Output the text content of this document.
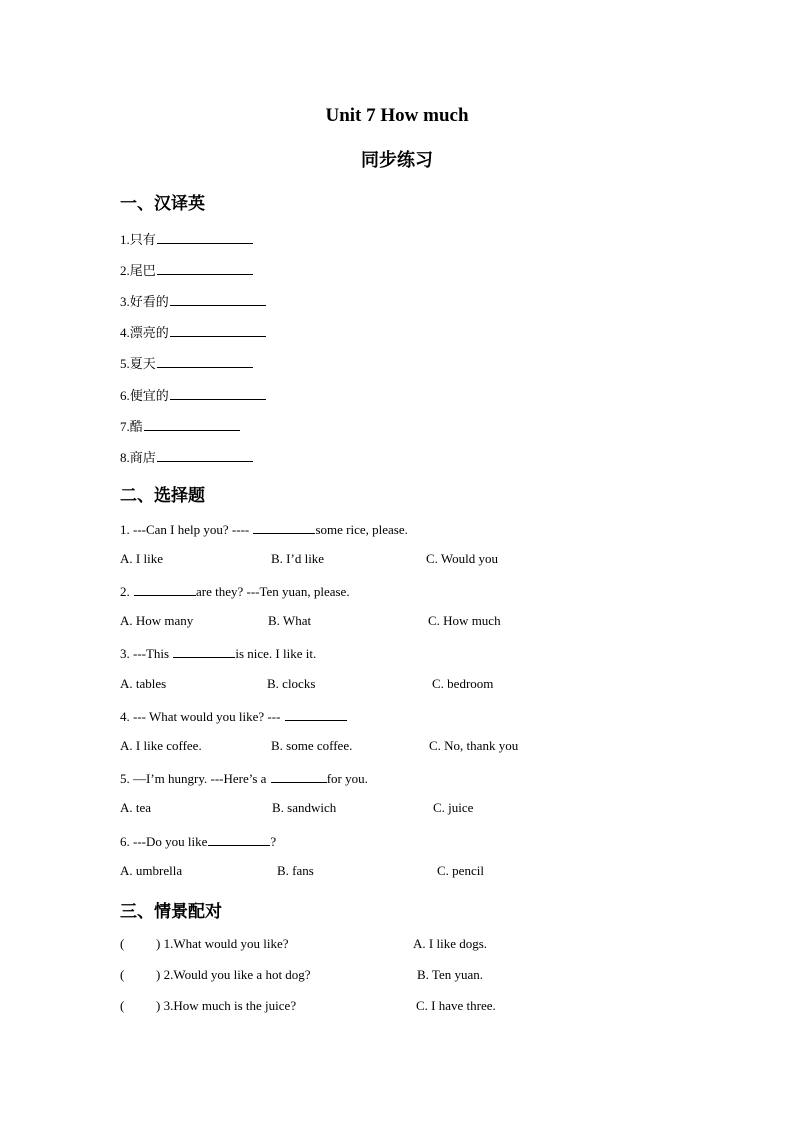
Unit 7 How much
同步练习
一、汉译英
1.只有
2.尾巴
3.好看的
4.漂亮的
5.夏天
6.便宜的
7.酷
8.商店
二、选择题
1. ---Can I help you? ----	some rice, please.
A. I like	B. I’d like	C. Would you
2.	are they? ---Ten yuan, please.
A. How many	B. What	C. How much
3. ---This	is nice. I like it.
A. tables	B. clocks	C. bedroom
4. --- What would you like? ---
A. I like coffee.	B. some coffee.	C. No, thank you
5. —I’m hungry. ---Here’s a	for you.
A. tea	B. sandwich	C. juice
6. ---Do you like	?
A. umbrella	B. fans	C. pencil
三、情景配对
( ) 1.What would you like?	A. I like dogs.
( ) 2.Would you like a hot dog?	B. Ten yuan.
( ) 3.How much is the juice?	C. I have three.
